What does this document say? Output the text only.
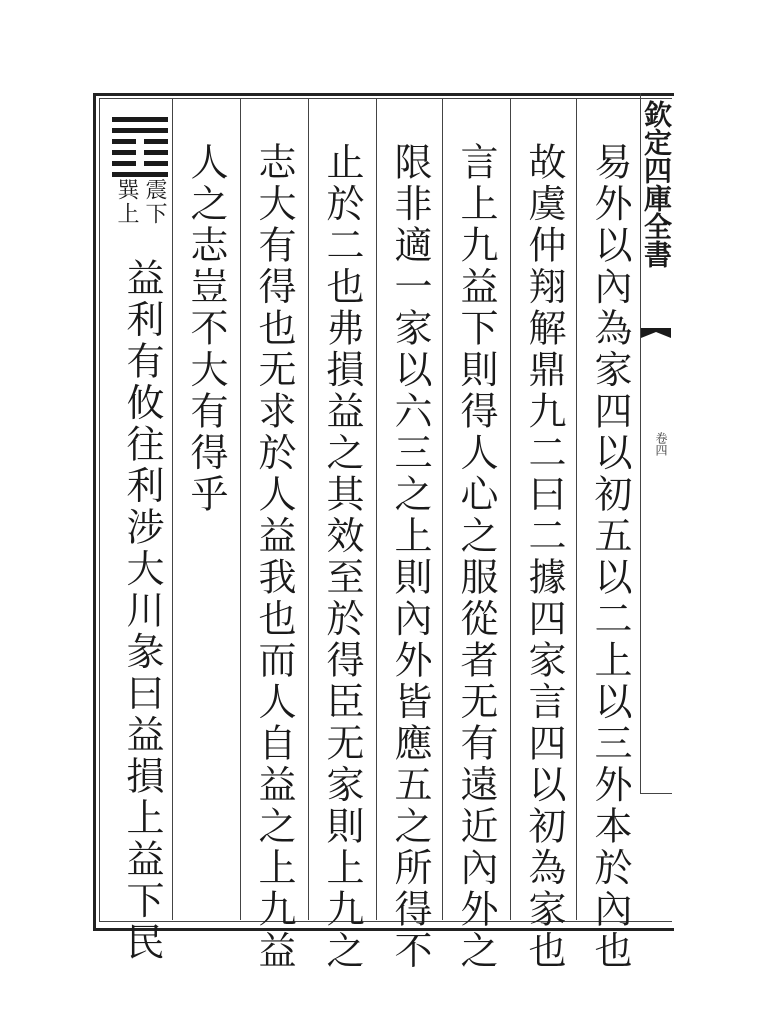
欽定四庫全書
卷四
易外以內為家四以初五以二上以三外本於內也
故虞仲翔解鼎九二曰二據四家言四以初為家也
言上九益下則得人心之服從者无有遠近內外之
限非適一家以六三之上則內外皆應五之所得不
止於二也弗損益之其效至於得臣无家則上九之
志大有得也无求於人益我也而人自益之上九益
人之志豈不大有得乎
震下
巽上
益利有攸往利涉大川彖曰益損上益下民
